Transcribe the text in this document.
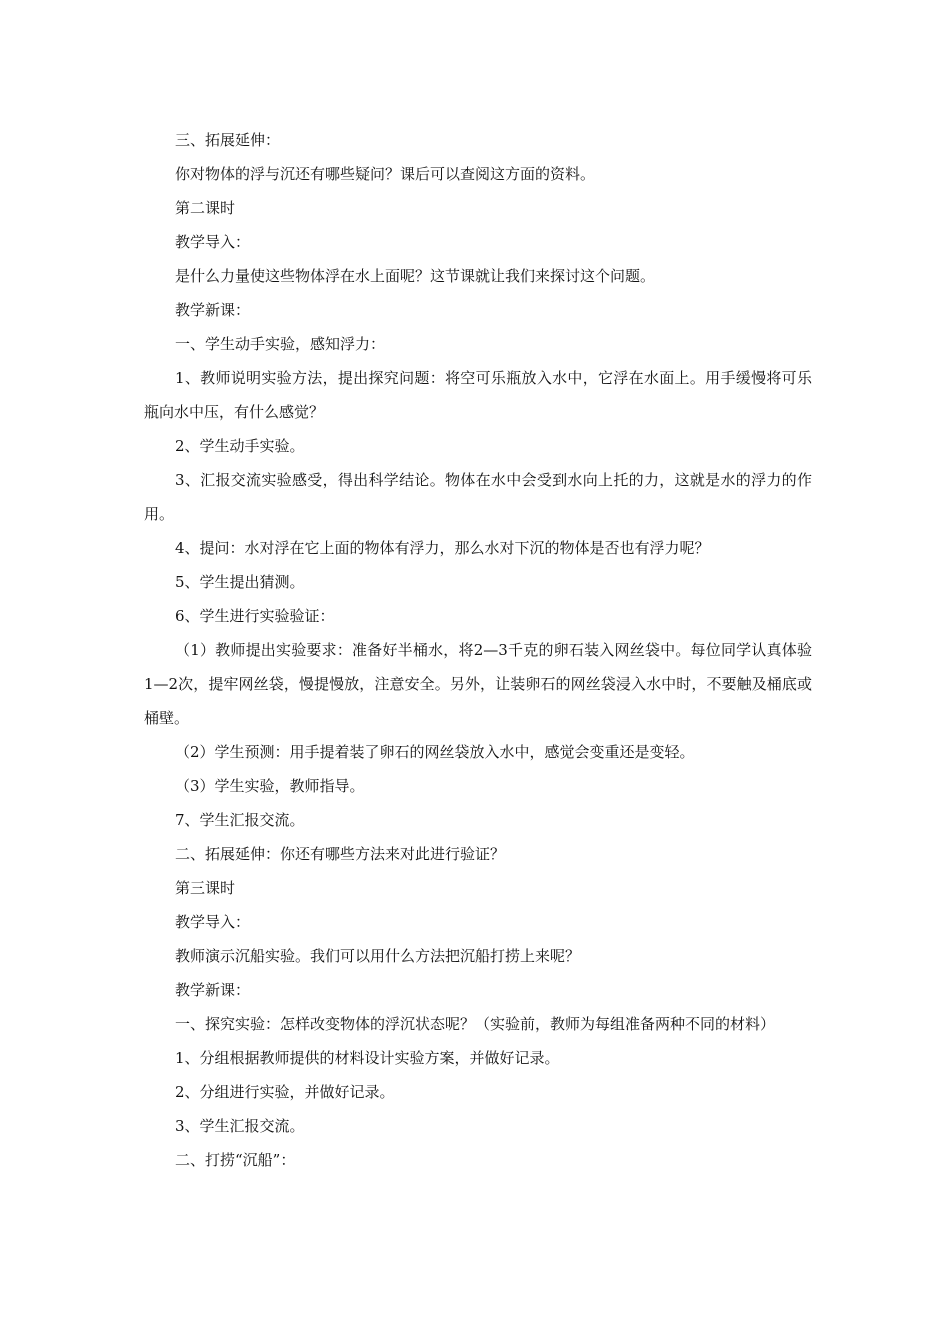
三、拓展延伸：

你对物体的浮与沉还有哪些疑问？课后可以查阅这方面的资料。

第二课时

教学导入：

是什么力量使这些物体浮在水上面呢？这节课就让我们来探讨这个问题。

教学新课：

一、学生动手实验，感知浮力：

1、教师说明实验方法，提出探究问题：将空可乐瓶放入水中，它浮在水面上。用手缓慢将可乐瓶向水中压，有什么感觉？

2、学生动手实验。

3、汇报交流实验感受，得出科学结论。物体在水中会受到水向上托的力，这就是水的浮力的作用。

4、提问：水对浮在它上面的物体有浮力，那么水对下沉的物体是否也有浮力呢？

5、学生提出猜测。

6、学生进行实验验证：

（1）教师提出实验要求：准备好半桶水，将2—3千克的卵石装入网丝袋中。每位同学认真体验1—2次，提牢网丝袋，慢提慢放，注意安全。另外，让装卵石的网丝袋浸入水中时，不要触及桶底或桶壁。

（2）学生预测：用手提着装了卵石的网丝袋放入水中，感觉会变重还是变轻。

（3）学生实验，教师指导。

7、学生汇报交流。

二、拓展延伸：你还有哪些方法来对此进行验证？

第三课时

教学导入：

教师演示沉船实验。我们可以用什么方法把沉船打捞上来呢？

教学新课：

一、探究实验：怎样改变物体的浮沉状态呢？（实验前，教师为每组准备两种不同的材料）

1、分组根据教师提供的材料设计实验方案，并做好记录。

2、分组进行实验，并做好记录。

3、学生汇报交流。

二、打捞“沉船”：
